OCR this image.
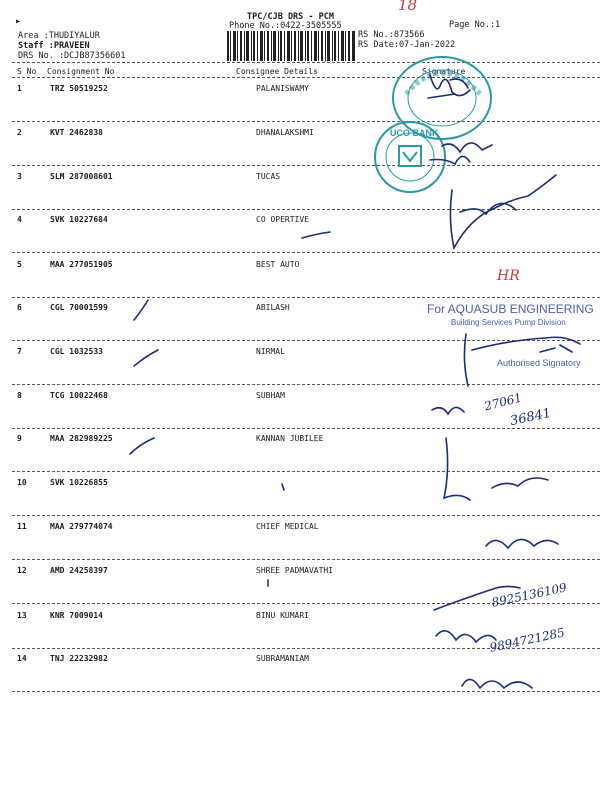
TPC/CJB DRS - PCM
Phone No.:0422-3505555	Page No.:1
18
▸
Area :THUDIYALUR
Staff :PRAVEEN
DRS No. :DCJB87356601
RS No.:873566
RS Date:07-Jan-2022
S No Consignment No	Consignee Details	Signature
1	TRZ 50519252	PALANISWAMY
2	KVT 2462838	DHANALAKSHMI
3	SLM 287008601	TUCAS
4	SVK 10227684	CO OPERTIVE
5	MAA 277051905	BEST AUTO
6	CGL 70001599	ABILASH
7	CGL 1032533	NIRMAL
8	TCG 10022468	SUBHAM
9	MAA 282989225	KANNAN JUBILEE
10	SVK 10226855
11	MAA 279774074	CHIEF MEDICAL
12	AMD 24258397	SHREE PADMAVATHI
13	KNR 7009014	BINU KUMARI
14	TNJ 22232982	SUBRAMANIAM
UCO BANK
For AQUASUB ENGINEERING
Building Services Pump Division
Authorised Signatory
HR
27061
36841
8925136109
9894721285
